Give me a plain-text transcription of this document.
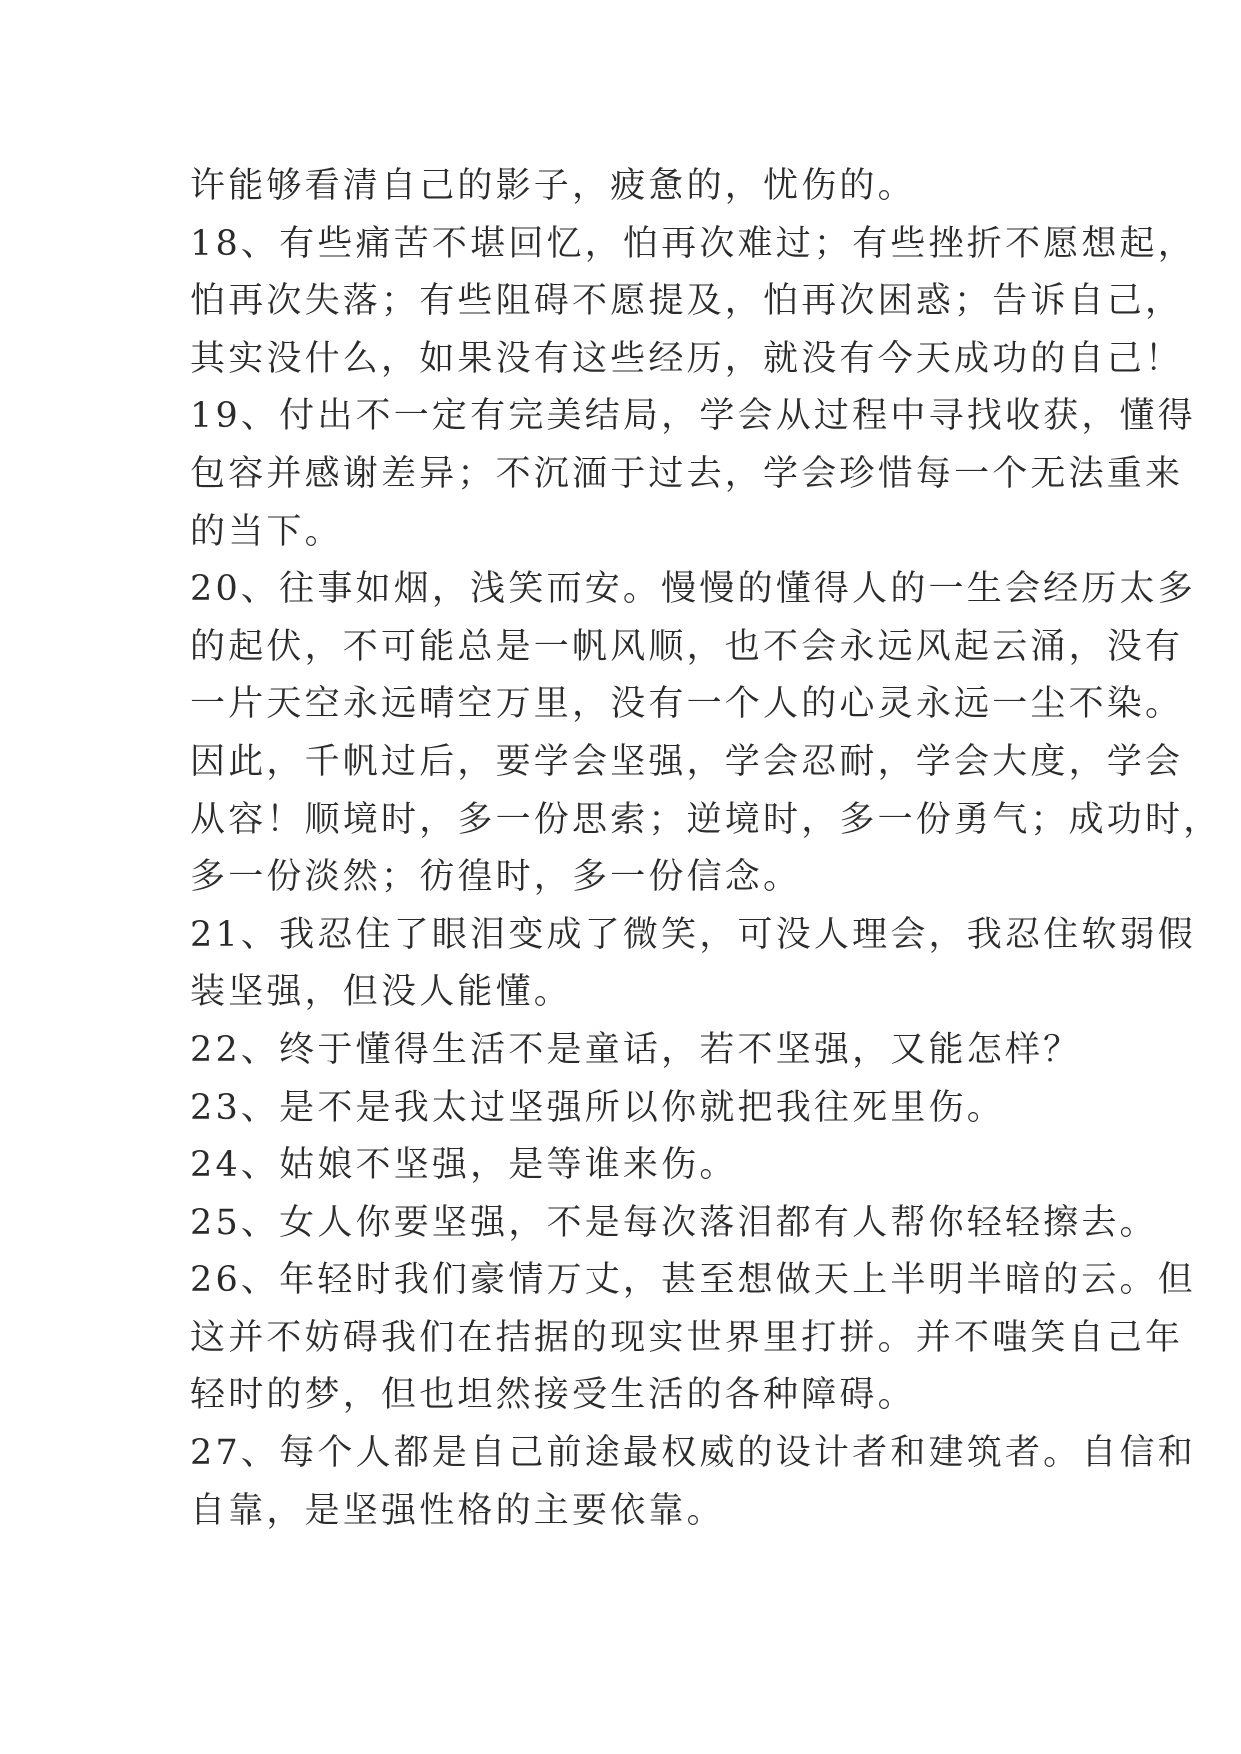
许能够看清自己的影子，疲惫的，忧伤的。

18、有些痛苦不堪回忆，怕再次难过；有些挫折不愿想起，

怕再次失落；有些阻碍不愿提及，怕再次困惑；告诉自己，

其实没什么，如果没有这些经历，就没有今天成功的自己！

19、付出不一定有完美结局，学会从过程中寻找收获，懂得

包容并感谢差异；不沉湎于过去，学会珍惜每一个无法重来

的当下。

20、往事如烟，浅笑而安。慢慢的懂得人的一生会经历太多

的起伏，不可能总是一帆风顺，也不会永远风起云涌，没有

一片天空永远晴空万里，没有一个人的心灵永远一尘不染。

因此，千帆过后，要学会坚强，学会忍耐，学会大度，学会

从容！顺境时，多一份思索；逆境时，多一份勇气；成功时，

多一份淡然；彷徨时，多一份信念。

21、我忍住了眼泪变成了微笑，可没人理会，我忍住软弱假

装坚强，但没人能懂。

22、终于懂得生活不是童话，若不坚强，又能怎样？

23、是不是我太过坚强所以你就把我往死里伤。

24、姑娘不坚强，是等谁来伤。

25、女人你要坚强，不是每次落泪都有人帮你轻轻擦去。

26、年轻时我们豪情万丈，甚至想做天上半明半暗的云。但

这并不妨碍我们在拮据的现实世界里打拼。并不嗤笑自己年

轻时的梦，但也坦然接受生活的各种障碍。

27、每个人都是自己前途最权威的设计者和建筑者。自信和

自靠，是坚强性格的主要依靠。
